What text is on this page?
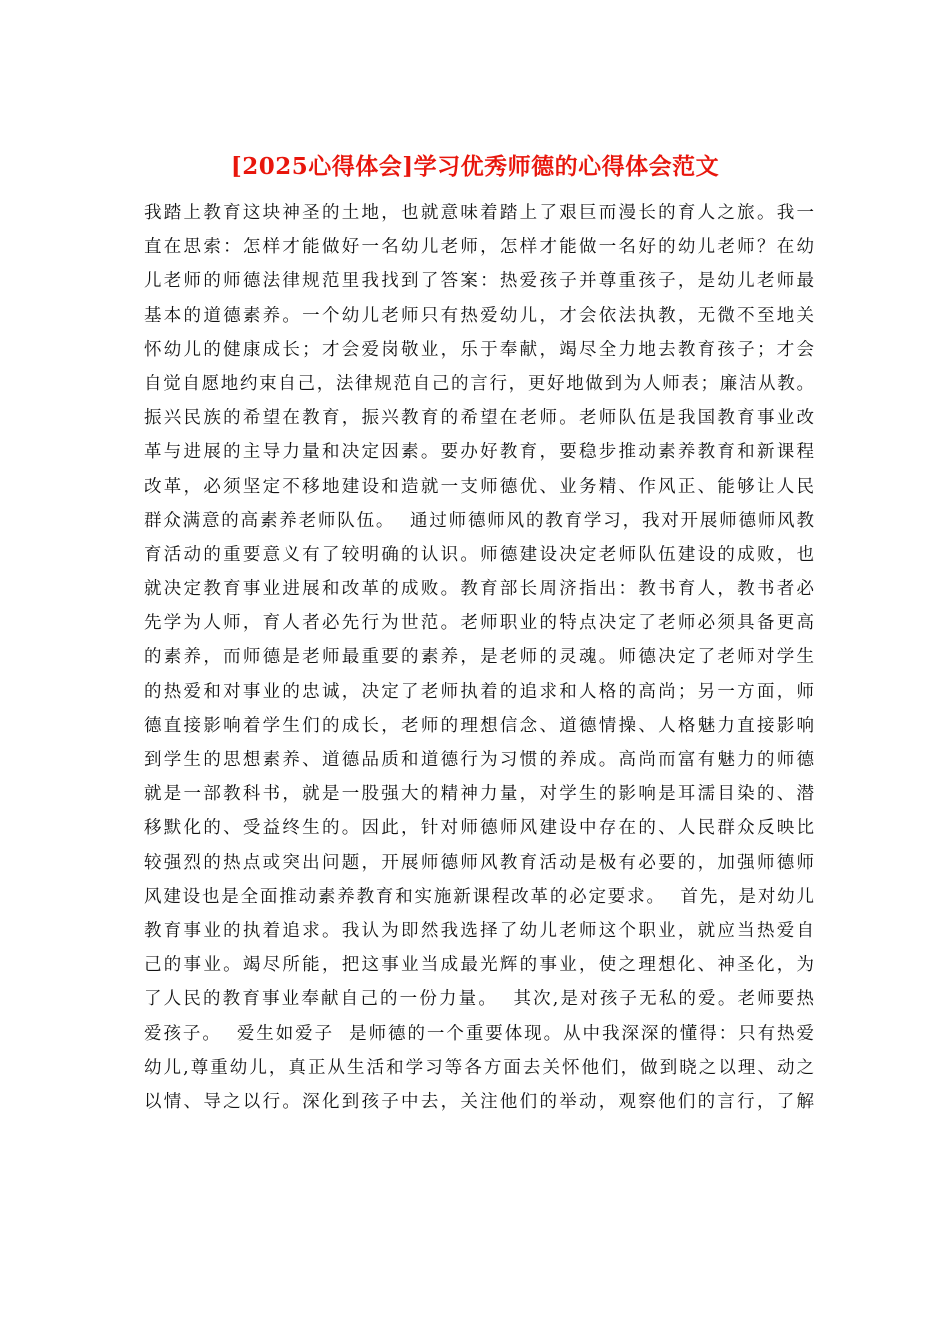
[2025心得体会]学习优秀师德的心得体会范文
我踏上教育这块神圣的土地，也就意味着踏上了艰巨而漫长的育人之旅。我一
直在思索：怎样才能做好一名幼儿老师，怎样才能做一名好的幼儿老师？在幼
儿老师的师德法律规范里我找到了答案：热爱孩子并尊重孩子，是幼儿老师最
基本的道德素养。一个幼儿老师只有热爱幼儿，才会依法执教，无微不至地关
怀幼儿的健康成长；才会爱岗敬业，乐于奉献，竭尽全力地去教育孩子；才会
自觉自愿地约束自己，法律规范自己的言行，更好地做到为人师表；廉洁从教。
振兴民族的希望在教育，振兴教育的希望在老师。老师队伍是我国教育事业改
革与进展的主导力量和决定因素。要办好教育，要稳步推动素养教育和新课程
改革，必须坚定不移地建设和造就一支师德优、业务精、作风正、能够让人民
群众满意的高素养老师队伍。  通过师德师风的教育学习，我对开展师德师风教
育活动的重要意义有了较明确的认识。师德建设决定老师队伍建设的成败，也
就决定教育事业进展和改革的成败。教育部长周济指出：教书育人，教书者必
先学为人师，育人者必先行为世范。老师职业的特点决定了老师必须具备更高
的素养，而师德是老师最重要的素养，是老师的灵魂。师德决定了老师对学生
的热爱和对事业的忠诚，决定了老师执着的追求和人格的高尚；另一方面，师
德直接影响着学生们的成长，老师的理想信念、道德情操、人格魅力直接影响
到学生的思想素养、道德品质和道德行为习惯的养成。高尚而富有魅力的师德
就是一部教科书，就是一股强大的精神力量，对学生的影响是耳濡目染的、潜
移默化的、受益终生的。因此，针对师德师风建设中存在的、人民群众反映比
较强烈的热点或突出问题，开展师德师风教育活动是极有必要的，加强师德师
风建设也是全面推动素养教育和实施新课程改革的必定要求。  首先，是对幼儿
教育事业的执着追求。我认为即然我选择了幼儿老师这个职业，就应当热爱自
己的事业。竭尽所能，把这事业当成最光辉的事业，使之理想化、神圣化，为
了人民的教育事业奉献自己的一份力量。  其次,是对孩子无私的爱。老师要热
爱孩子。  爱生如爱子  是师德的一个重要体现。从中我深深的懂得：只有热爱
幼儿,尊重幼儿，真正从生活和学习等各方面去关怀他们，做到晓之以理、动之
以情、导之以行。深化到孩子中去，关注他们的举动，观察他们的言行，了解
